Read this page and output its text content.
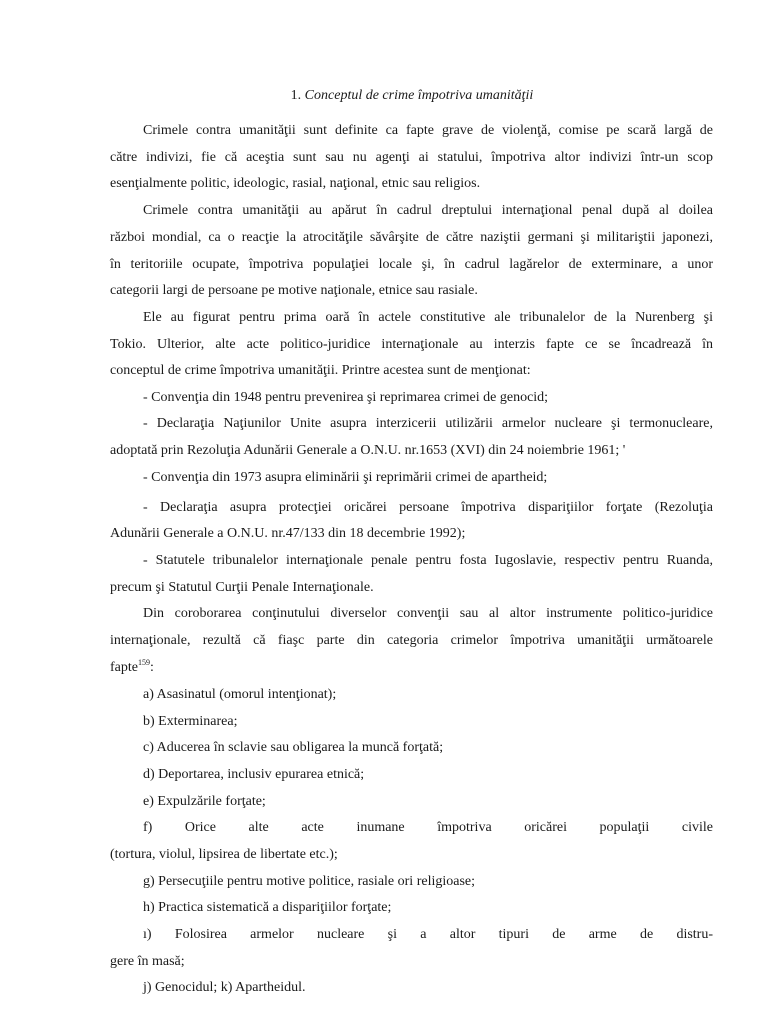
1. Conceptul de crime împotriva umanităţii
Crimele contra umanităţii sunt definite ca fapte grave de violenţă, comise pe scară largă de
către indivizi, fie că aceştia sunt sau nu agenţi ai statului, împotriva altor indivizi într-un scop
esenţialmente politic, ideologic, rasial, naţional, etnic sau religios.
Crimele contra umanităţii au apărut în cadrul dreptului internaţional penal după al doilea
război mondial, ca o reacţie la atrocităţile săvârşite de către naziştii germani şi militariştii japonezi,
în teritoriile ocupate, împotriva populaţiei locale şi, în cadrul lagărelor de exterminare, a unor
categorii largi de persoane pe motive naţionale, etnice sau rasiale.
Ele au figurat pentru prima oară în actele constitutive ale tribunalelor de la Nurenberg şi
Tokio. Ulterior, alte acte politico-juridice internaţionale au interzis fapte ce se încadrează în
conceptul de crime împotriva umanităţii. Printre acestea sunt de menţionat:
- Convenţia din 1948 pentru prevenirea şi reprimarea crimei de genocid;
- Declaraţia Naţiunilor Unite asupra interzicerii utilizării armelor nucleare şi termonucleare,
adoptată prin Rezoluţia Adunării Generale a O.N.U. nr.1653 (XVI) din 24 noiembrie 1961; '
- Convenţia din 1973 asupra eliminării şi reprimării crimei de apartheid;
- Declaraţia asupra protecţiei oricărei persoane împotriva dispariţiilor forţate (Rezoluţia
Adunării Generale a O.N.U. nr.47/133 din 18 decembrie 1992);
- Statutele tribunalelor internaţionale penale pentru fosta Iugoslavie, respectiv pentru Ruanda,
precum şi Statutul Curţii Penale Internaţionale.
Din coroborarea conţinutului diverselor convenţii sau al altor instrumente politico-juridice
internaţionale, rezultă că fiaşc parte din categoria crimelor împotriva umanităţii următoarele
fapte$^{159}$:
a) Asasinatul (omorul intenţionat);
b) Exterminarea;
c) Aducerea în sclavie sau obligarea la muncă forţată;
d) Deportarea, inclusiv epurarea etnică;
e) Expulzările forţate;
f) Orice alte acte inumane împotriva oricărei populaţii civile
(tortura, violul, lipsirea de libertate etc.);
g) Persecuţiile pentru motive politice, rasiale ori religioase;
h) Practica sistematică a dispariţiilor forţate;
ı) Folosirea armelor nucleare şi a altor tipuri de arme de distru-
gere în masă;
j) Genocidul; k) Apartheidul.
